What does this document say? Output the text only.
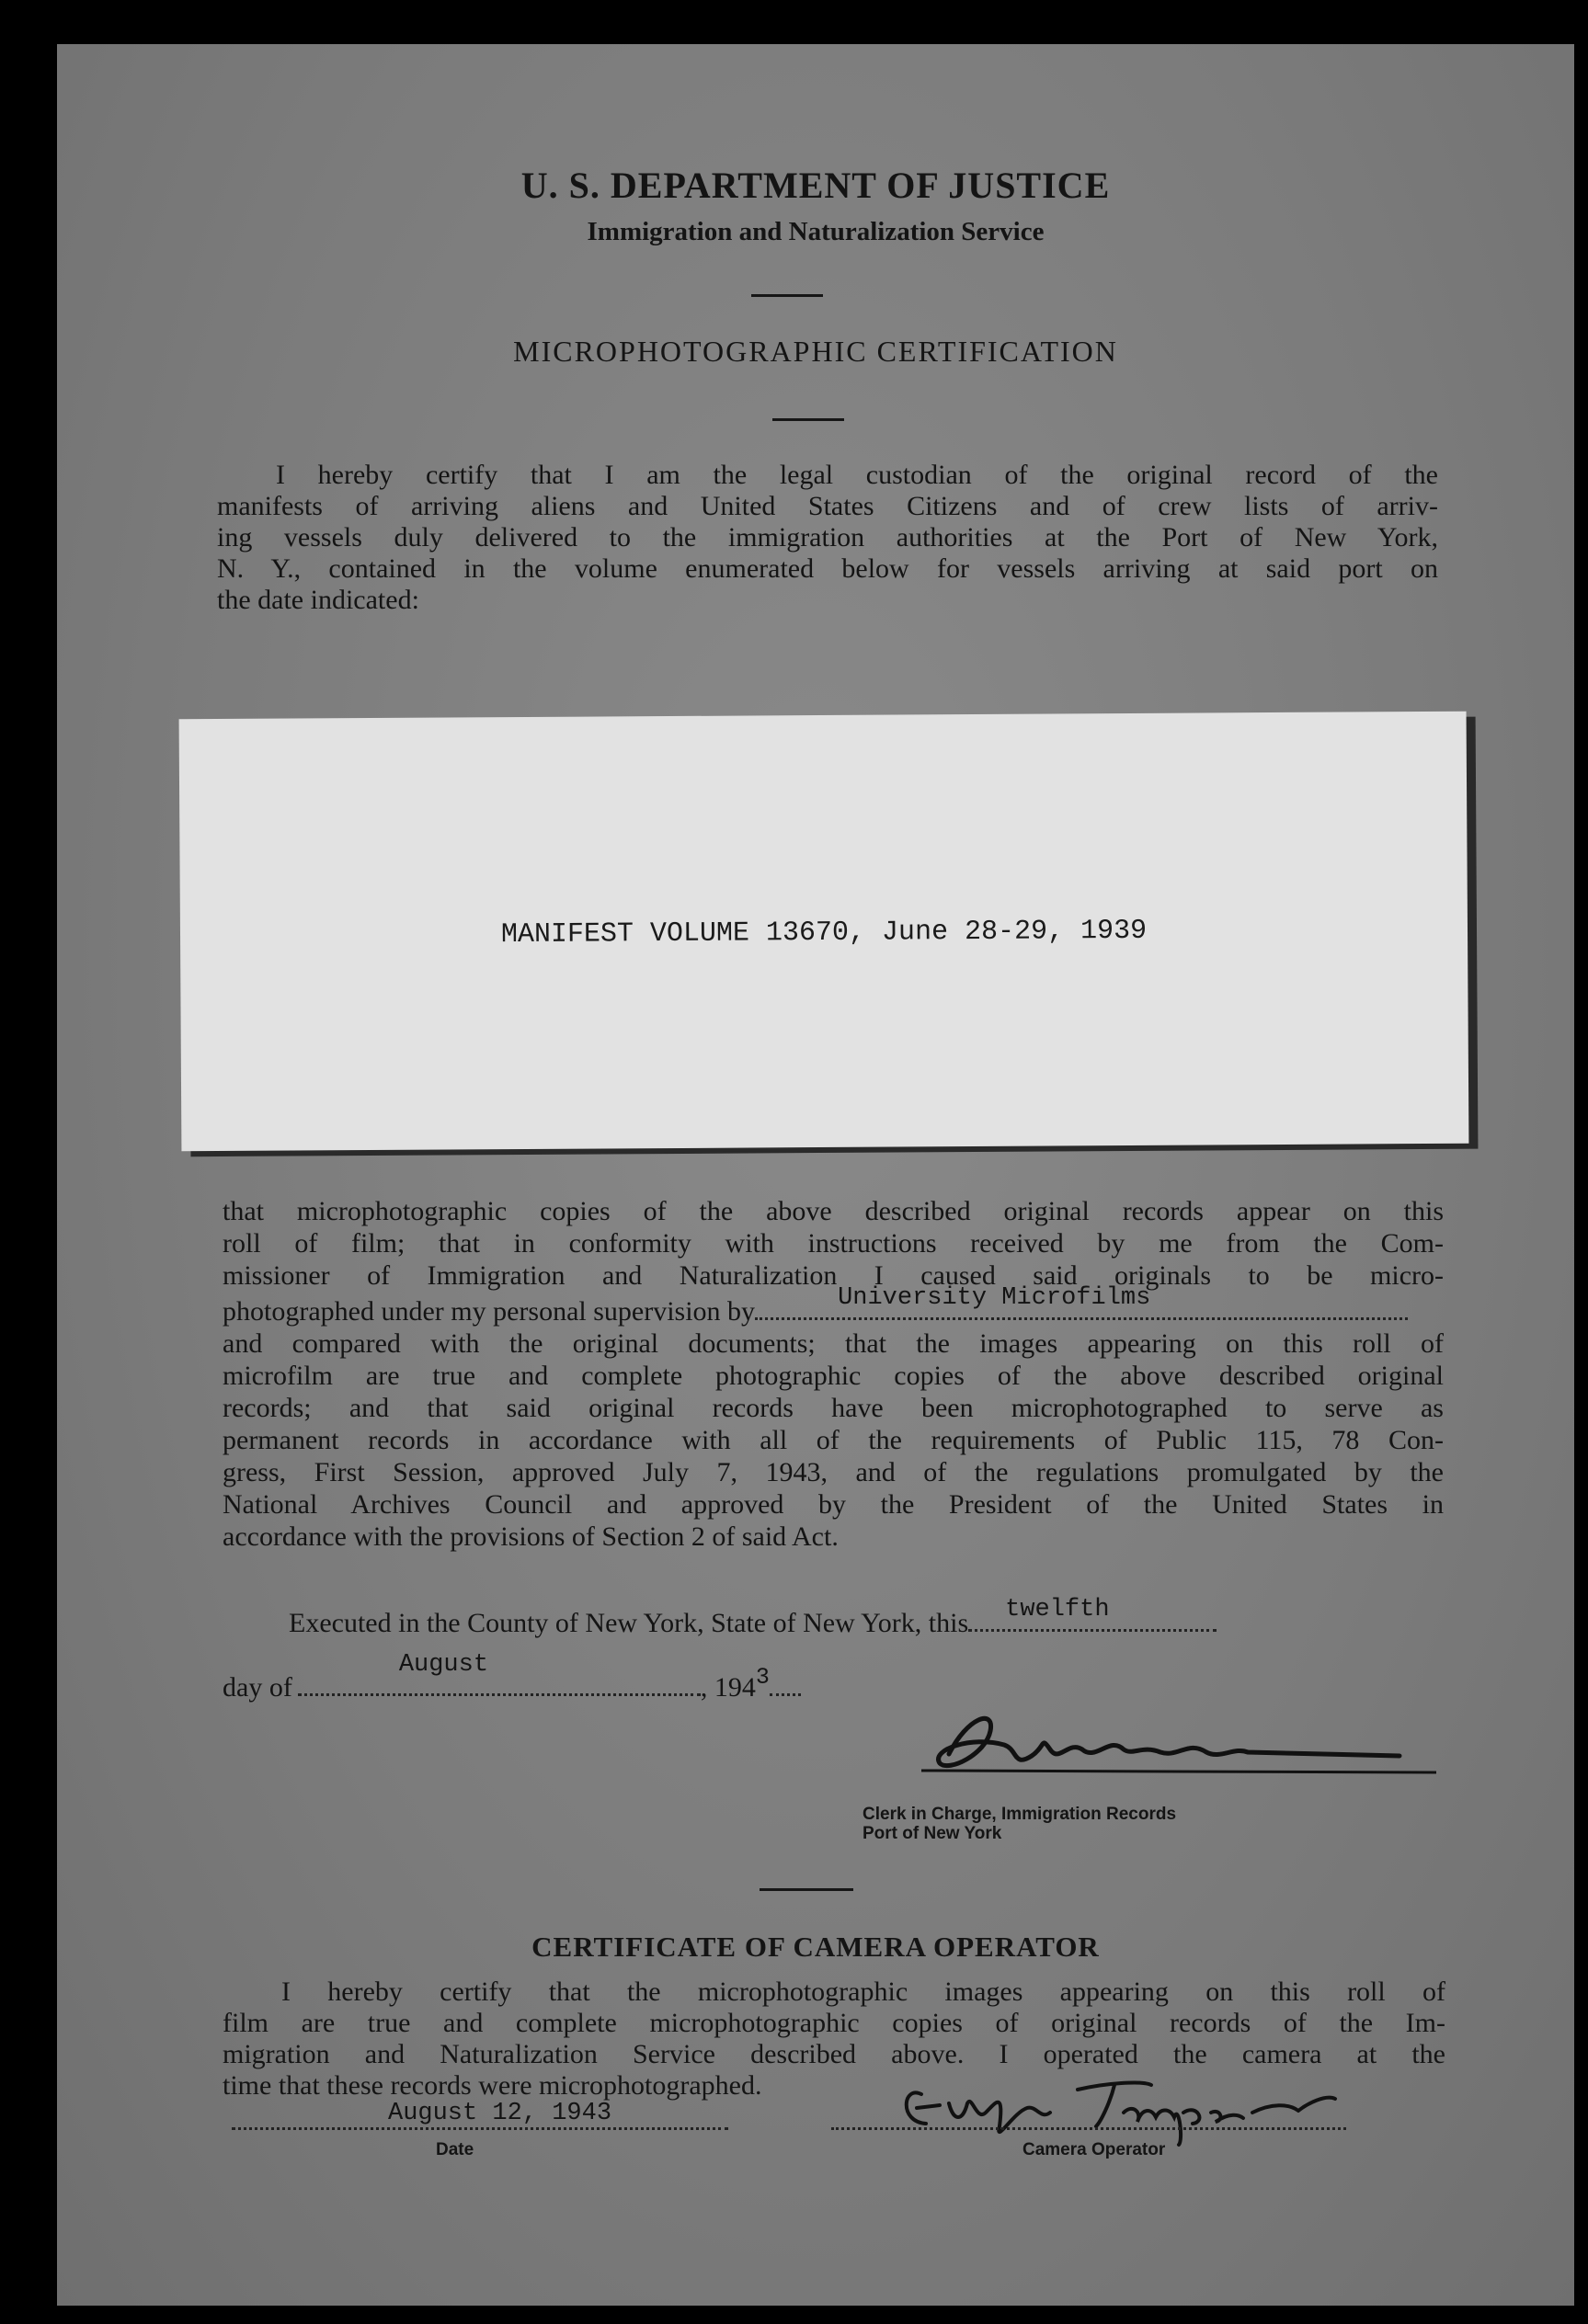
U. S. DEPARTMENT OF JUSTICE
Immigration and Naturalization Service
MICROPHOTOGRAPHIC CERTIFICATION
I hereby certify that I am the legal custodian of the original record of the
manifests of arriving aliens and United States Citizens and of crew lists of arriv-
ing vessels duly delivered to the immigration authorities at the Port of New York,
N. Y., contained in the volume enumerated below for vessels arriving at said port on
the date indicated:
MANIFEST VOLUME 13670, June 28-29, 1939
that microphotographic copies of the above described original records appear on this
roll of film; that in conformity with instructions received by me from the Com-
missioner of Immigration and Naturalization I caused said originals to be micro-
photographed under my personal supervision by	University Microfilms
and compared with the original documents; that the images appearing on this roll of
microfilm are true and complete photographic copies of the above described original
records; and that said original records have been microphotographed to serve as
permanent records in accordance with all of the requirements of Public 115, 78 Con-
gress, First Session, approved July 7, 1943, and of the regulations promulgated by the
National Archives Council and approved by the President of the United States in
accordance with the provisions of Section 2 of said Act.
Executed in the County of New York, State of New York, this twelfth
day of
August
, $194^3$
Clerk in Charge, Immigration Records
Port of New York
CERTIFICATE OF CAMERA OPERATOR
I hereby certify that the microphotographic images appearing on this roll of
film are true and complete microphotographic copies of original records of the Im-
migration and Naturalization Service described above. I operated the camera at the
time that these records were microphotographed.
August 12, 1943
Date	Camera Operator
